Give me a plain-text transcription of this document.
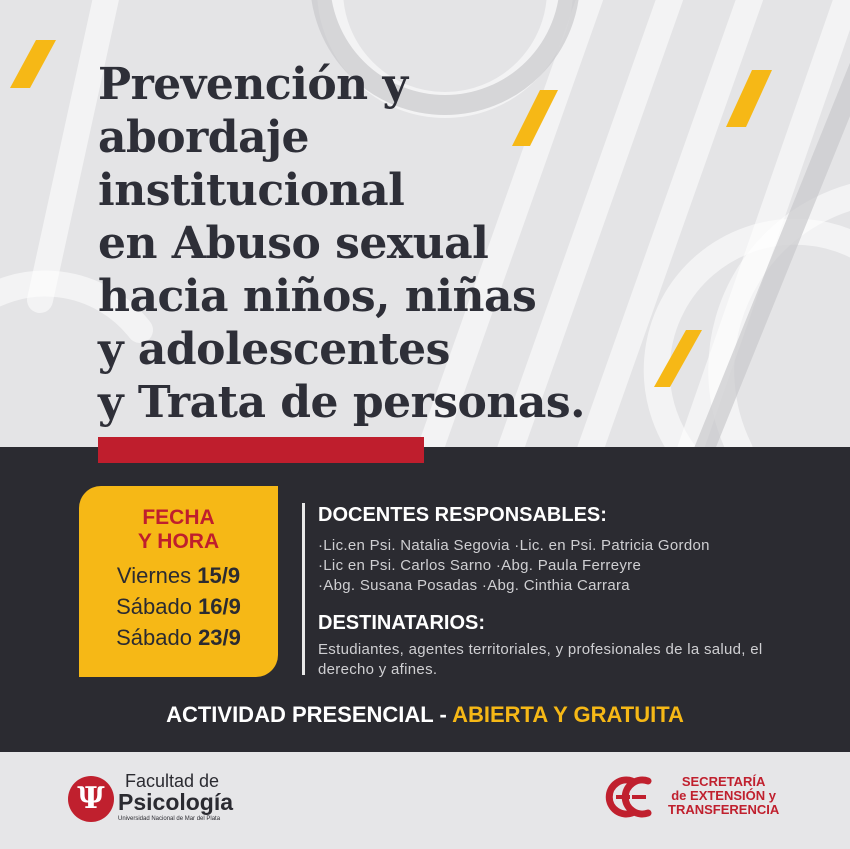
Prevención y
abordaje
institucional
en Abuso sexual
hacia niños, niñas
y adolescentes
y Trata de personas.
FECHA
Y HORA
Viernes 15/9
Sábado 16/9
Sábado 23/9
DOCENTES RESPONSABLES:
·Lic.en Psi. Natalia Segovia ·Lic. en Psi. Patricia Gordon
·Lic en Psi. Carlos Sarno ·Abg. Paula Ferreyre
·Abg. Susana Posadas ·Abg. Cinthia Carrara
DESTINATARIOS:
Estudiantes, agentes territoriales, y profesionales de la salud, el derecho y afines.
ACTIVIDAD PRESENCIAL - ABIERTA Y GRATUITA
Ψ	Facultad de
Psicología
Universidad Nacional de Mar del Plata
SECRETARÍA
de EXTENSIÓN y
TRANSFERENCIA
